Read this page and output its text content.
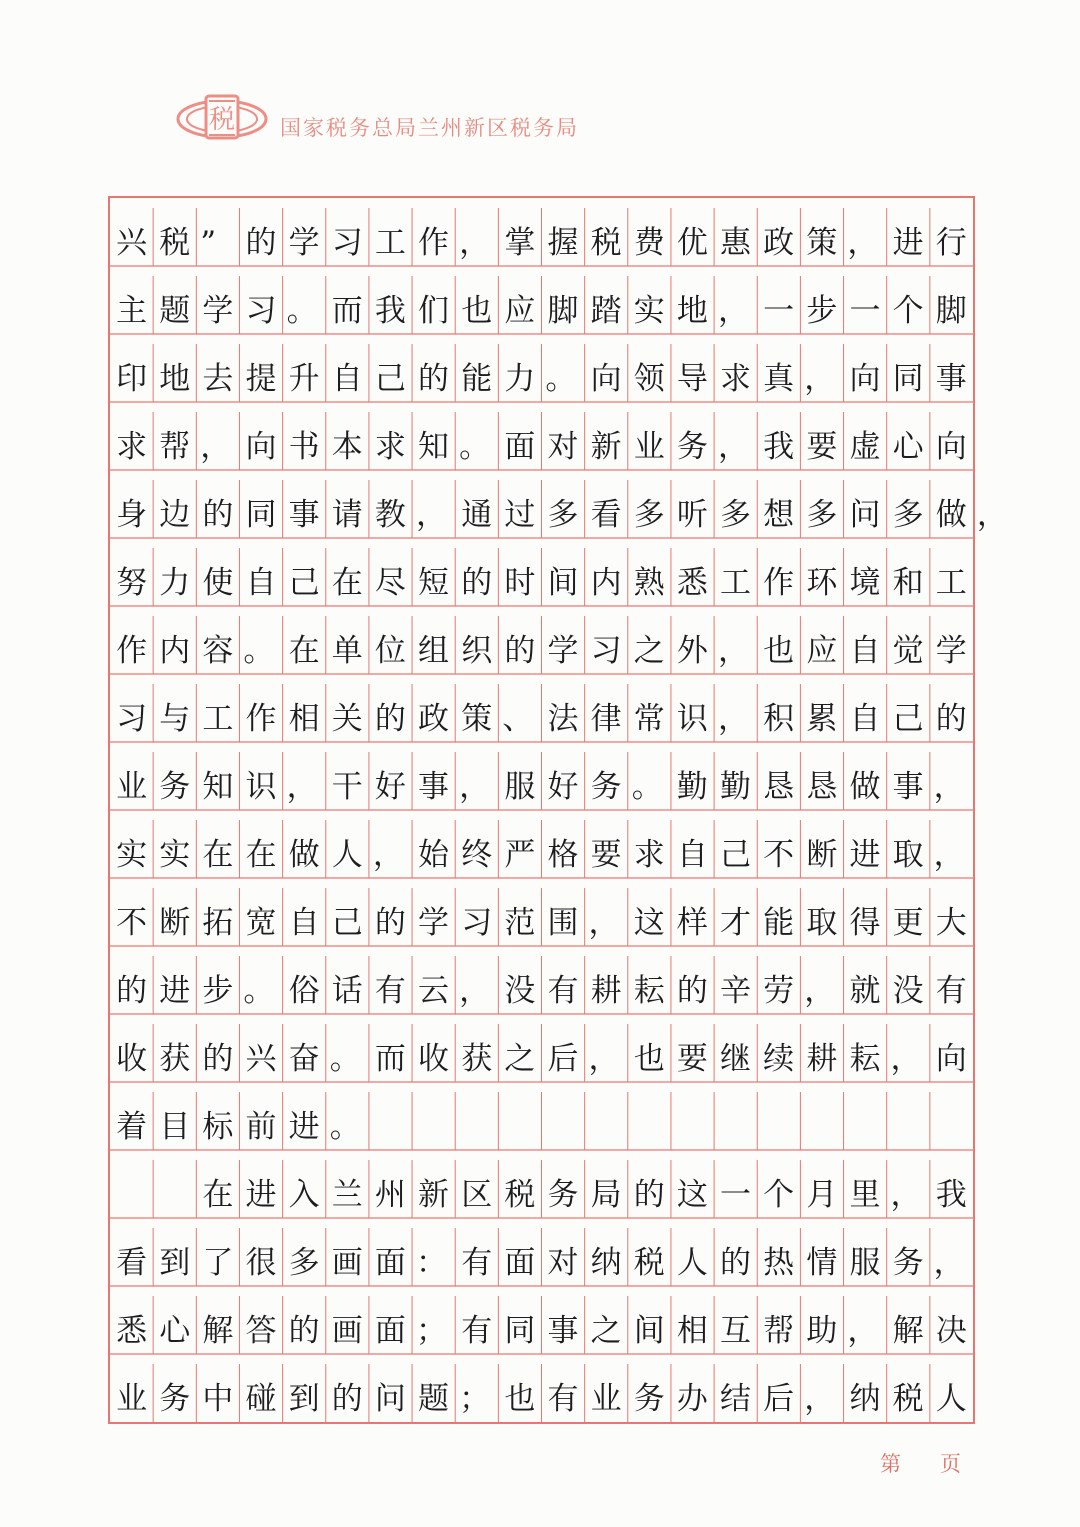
税 国家税务总局兰州新区税务局
兴 税 ” 的 学 习 工 作 ， 掌 握 税 费 优 惠 政 策 ， 进 行
主 题 学 习 。 而 我 们 也 应 脚 踏 实 地 ， 一 步 一 个 脚
印 地 去 提 升 自 己 的 能 力 。 向 领 导 求 真 ， 向 同 事
求 帮 ， 向 书 本 求 知 。 面 对 新 业 务 ， 我 要 虚 心 向
身 边 的 同 事 请 教 ， 通 过 多 看 多 听 多 想 多 问 多 做 ，
努 力 使 自 己 在 尽 短 的 时 间 内 熟 悉 工 作 环 境 和 工
作 内 容 。 在 单 位 组 织 的 学 习 之 外 ， 也 应 自 觉 学
习 与 工 作 相 关 的 政 策 、 法 律 常 识 ， 积 累 自 己 的
业 务 知 识 ， 干 好 事 ， 服 好 务 。 勤 勤 恳 恳 做 事 ，
实 实 在 在 做 人 ， 始 终 严 格 要 求 自 己 不 断 进 取 ，
不 断 拓 宽 自 己 的 学 习 范 围 ， 这 样 才 能 取 得 更 大
的 进 步 。 俗 话 有 云 ， 没 有 耕 耘 的 辛 劳 ， 就 没 有
收 获 的 兴 奋 。 而 收 获 之 后 ， 也 要 继 续 耕 耘 ， 向
着 目 标 前 进 。

在 进 入 兰 州 新 区 税 务 局 的 这 一 个 月 里 ， 我
看 到 了 很 多 画 面 ： 有 面 对 纳 税 人 的 热 情 服 务 ，
悉 心 解 答 的 画 面 ； 有 同 事 之 间 相 互 帮 助 ， 解 决
业 务 中 碰 到 的 问 题 ； 也 有 业 务 办 结 后 ， 纳 税 人
第 页
